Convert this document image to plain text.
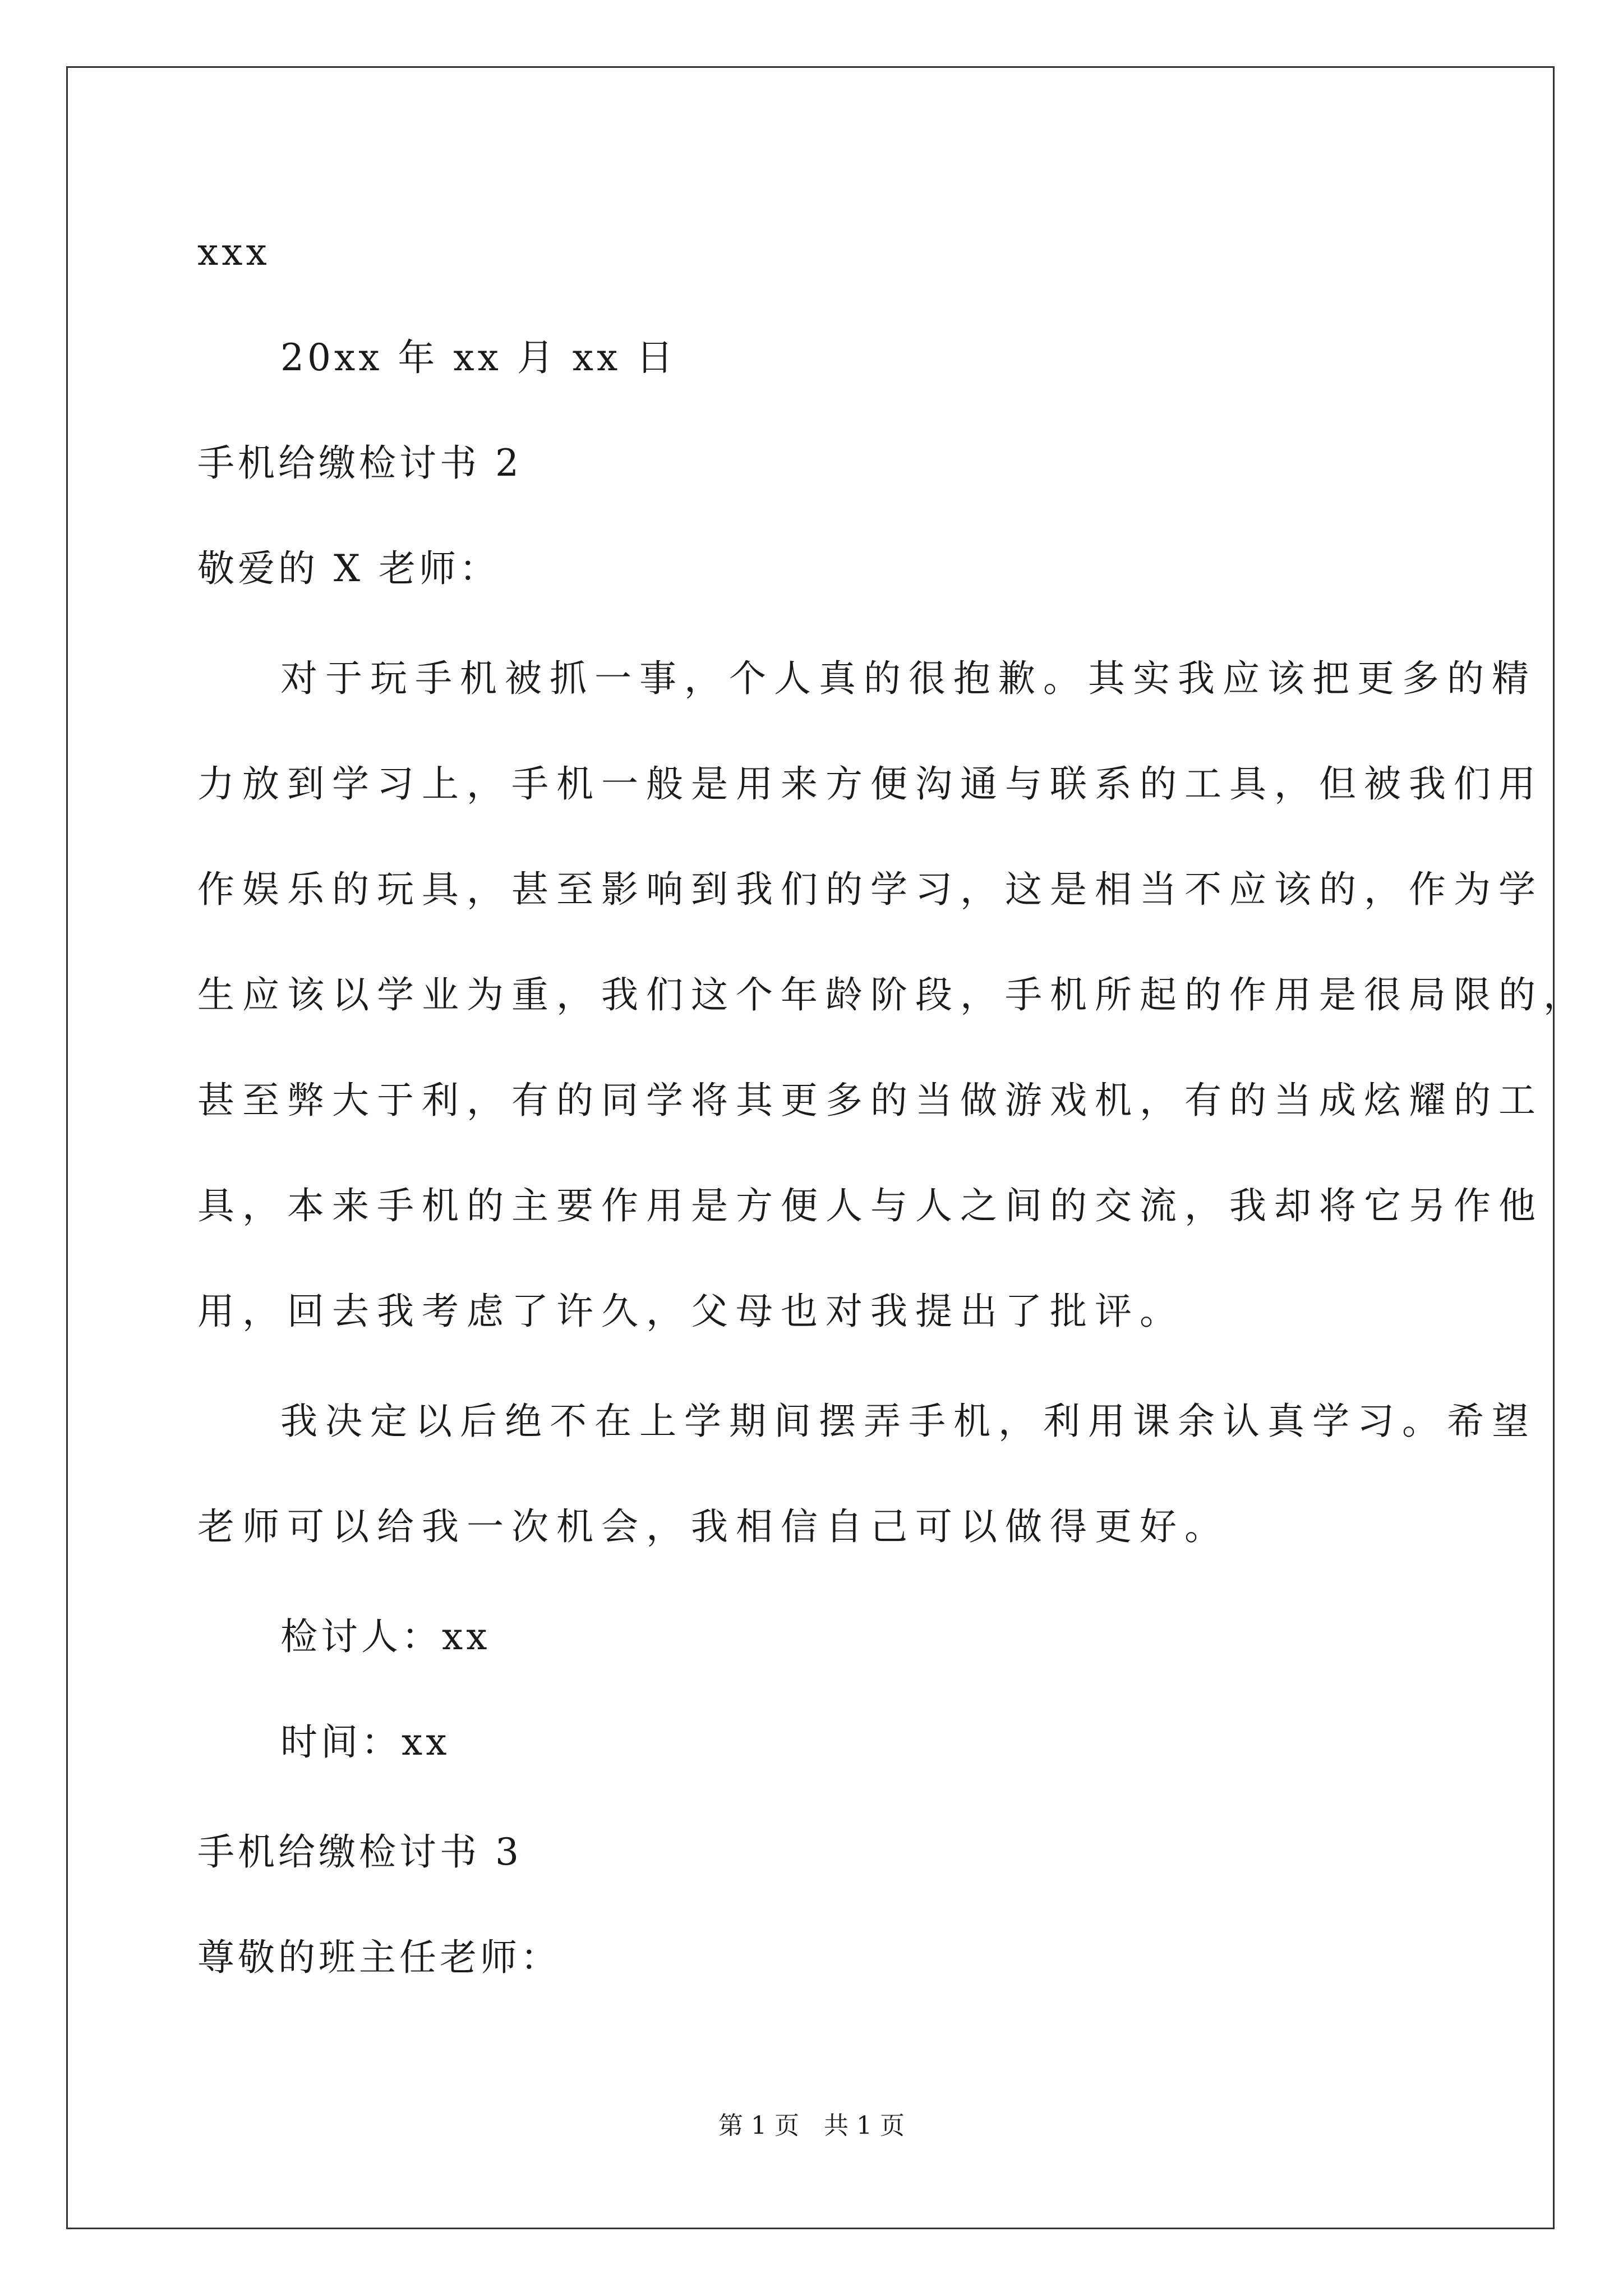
xxx
20xx 年 xx 月 xx 日
手机给缴检讨书 2
敬爱的 X 老师：
对于玩手机被抓一事，个人真的很抱歉。其实我应该把更多的精
力放到学习上，手机一般是用来方便沟通与联系的工具，但被我们用
作娱乐的玩具，甚至影响到我们的学习，这是相当不应该的，作为学
生应该以学业为重，我们这个年龄阶段，手机所起的作用是很局限的，
甚至弊大于利，有的同学将其更多的当做游戏机，有的当成炫耀的工
具，本来手机的主要作用是方便人与人之间的交流，我却将它另作他
用，回去我考虑了许久，父母也对我提出了批评。
我决定以后绝不在上学期间摆弄手机，利用课余认真学习。希望
老师可以给我一次机会，我相信自己可以做得更好。
检讨人：xx
时间：xx
手机给缴检讨书 3
尊敬的班主任老师：
第 1 页　共 1 页
